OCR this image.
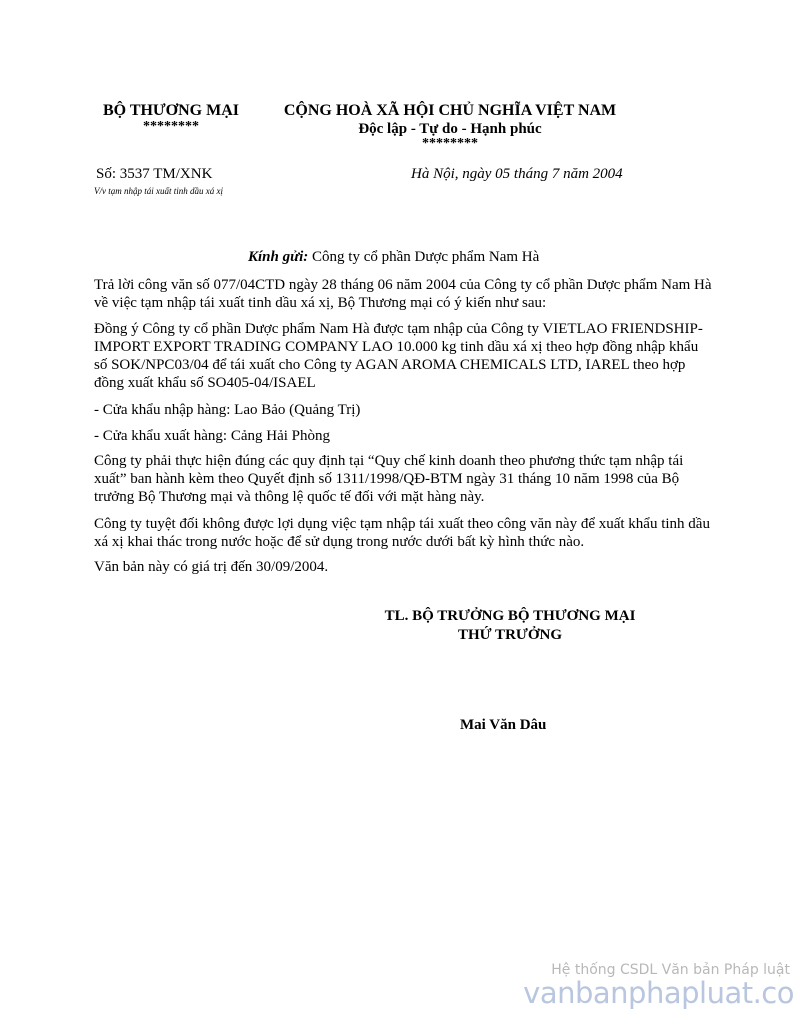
BỘ THƯƠNG MẠI
********
CỘNG HOÀ XÃ HỘI CHỦ NGHĨA VIỆT NAM
Độc lập - Tự do - Hạnh phúc
********
Số: 3537 TM/XNK
V/v tạm nhập tái xuất tinh dầu xá xị
Hà Nội, ngày 05 tháng 7 năm 2004
Kính gửi: Công ty cổ phần Dược phẩm Nam Hà

Trả lời công văn số 077/04CTD ngày 28 tháng 06 năm 2004 của Công ty cổ phần Dược phẩm Nam Hà về việc tạm nhập tái xuất tinh dầu xá xị, Bộ Thương mại có ý kiến như sau:

Đồng ý Công ty cổ phần Dược phẩm Nam Hà được tạm nhập của Công ty VIETLAO FRIENDSHIP-IMPORT EXPORT TRADING COMPANY LAO 10.000 kg tinh dầu xá xị theo hợp đồng nhập khẩu số SOK/NPC03/04 để tái xuất cho Công ty AGAN AROMA CHEMICALS LTD, IAREL theo hợp đồng xuất khẩu số SO405-04/ISAEL

- Cửa khẩu nhập hàng: Lao Bảo (Quảng Trị)

- Cửa khẩu xuất hàng: Cảng Hải Phòng

Công ty phải thực hiện đúng các quy định tại “Quy chế kinh doanh theo phương thức tạm nhập tái xuất” ban hành kèm theo Quyết định số 1311/1998/QĐ-BTM ngày 31 tháng 10 năm 1998 của Bộ trưởng Bộ Thương mại và thông lệ quốc tế đối với mặt hàng này.

Công ty tuyệt đối không được lợi dụng việc tạm nhập tái xuất theo công văn này để xuất khẩu tinh dầu xá xị khai thác trong nước hoặc để sử dụng trong nước dưới bất kỳ hình thức nào.

Văn bản này có giá trị đến 30/09/2004.

TL. BỘ TRƯỞNG BỘ THƯƠNG MẠI
THỨ TRƯỞNG
Mai Văn Dâu
Hệ thống CSDL Văn bản Pháp luật
vanbanphapluat.co
